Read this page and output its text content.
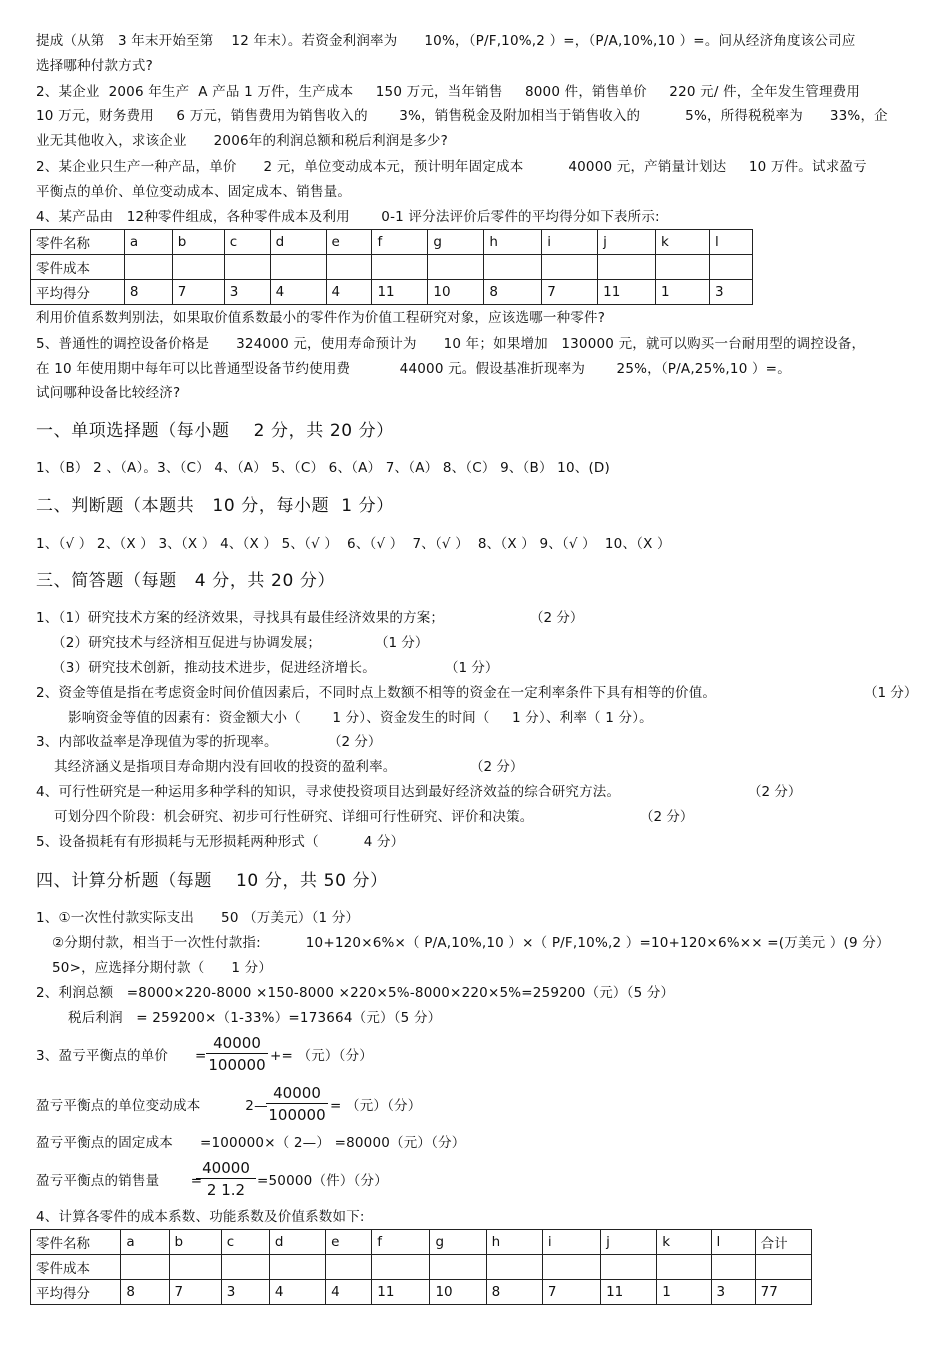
提成（从第   3 年末开始至第    12 年末）。若资金利润率为      10%，（P/F,10%,2 ）=，（P/A,10%,10 ）=。问从经济角度该公司应
选择哪种付款方式?
2、某企业  2006 年生产  A 产品 1 万件，生产成本     150 万元，当年销售     8000 件，销售单价     220 元/ 件，全年发生管理费用
10 万元，财务费用     6 万元，销售费用为销售收入的       3%，销售税金及附加相当于销售收入的          5%，所得税税率为      33%，企
业无其他收入，求该企业      2006年的利润总额和税后利润是多少?
2、某企业只生产一种产品，单价      2 元，单位变动成本元，预计明年固定成本          40000 元，产销量计划达     10 万件。试求盈亏
平衡点的单价、单位变动成本、固定成本、销售量。
4、某产品由   12种零件组成，各种零件成本及利用       0-1 评分法评价后零件的平均得分如下表所示:
零件名称	a	b	c	d	e	f	g	h	i	j	k	l
零件成本												
平均得分	8	7	3	4	4	11	10	8	7	11	1	3
利用价值系数判别法，如果取价值系数最小的零件作为价值工程研究对象，应该选哪一种零件?
5、普通性的调控设备价格是      324000 元，使用寿命预计为      10 年；如果增加   130000 元，就可以购买一台耐用型的调控设备，
在 10 年使用期中每年可以比普通型设备节约使用费           44000 元。假设基准折现率为       25%，（P/A,25%,10 ）=。
试问哪种设备比较经济?
一、单项选择题（每小题    2 分，共 20 分）
1、（B） 2 、（A）。3、（C） 4、（A） 5、（C） 6、（A） 7、（A） 8、（C） 9、（B） 10、(D)
二、判断题（本题共   10 分，每小题  1 分）
1、（√ ） 2、（X ） 3、（X ） 4、（X ） 5、（√ ）  6、（√ ）  7、（√ ）  8、（X ） 9、（√ ）  10、（X ）
三、简答题（每题   4 分，共 20 分）
1、（1）研究技术方案的经济效果，寻找具有最佳经济效果的方案；	（2 分）
（2）研究技术与经济相互促进与协调发展；	（1 分）
（3）研究技术创新，推动技术进步，促进经济增长。	（1 分）
2、资金等值是指在考虑资金时间价值因素后，不同时点上数额不相等的资金在一定利率条件下具有相等的价值。	（1 分）
影响资金等值的因素有：资金额大小（       1 分）、资金发生的时间（     1 分）、利率（ 1 分）。
3、内部收益率是净现值为零的折现率。	（2 分）
其经济涵义是指项目寿命期内没有回收的投资的盈利率。	（2 分）
4、可行性研究是一种运用多种学科的知识，寻求使投资项目达到最好经济效益的综合研究方法。	（2 分）
可划分四个阶段：机会研究、初步可行性研究、详细可行性研究、评价和决策。	（2 分）
5、设备损耗有有形损耗与无形损耗两种形式（          4 分）
四、计算分析题（每题    10 分，共 50 分）
1、①一次性付款实际支出      50 （万美元）（1 分）
②分期付款，相当于一次性付款指:          10+120×6%×（ P/A,10%,10 ）×（ P/F,10%,2 ）=10+120×6%×× =(万美元 ）(9 分）
50>，应选择分期付款（      1 分）
2、利润总额   =8000×220-8000 ×150-8000 ×220×5%-8000×220×5%=259200（元）（5 分）
税后利润   = 259200×（1-33%）=173664（元）（5 分）
3、盈亏平衡点的单价      = $\frac{40000}{100000}$ += （元）（分）
盈亏平衡点的单位变动成本          2—
$\frac{40000}{100000}$ = （元）（分）
盈亏平衡点的固定成本      =100000×（ 2—） =80000（元）（分）
盈亏平衡点的销售量       =
$\frac{40000}{2 1.2} =50000$（件）（分）
4、计算各零件的成本系数、功能系数及价值系数如下:
零件名称	a	b	c	d	e	f	g	h	i	j	k	l	合计
零件成本													
平均得分	8	7	3	4	4	11	10	8	7	11	1	3	77
